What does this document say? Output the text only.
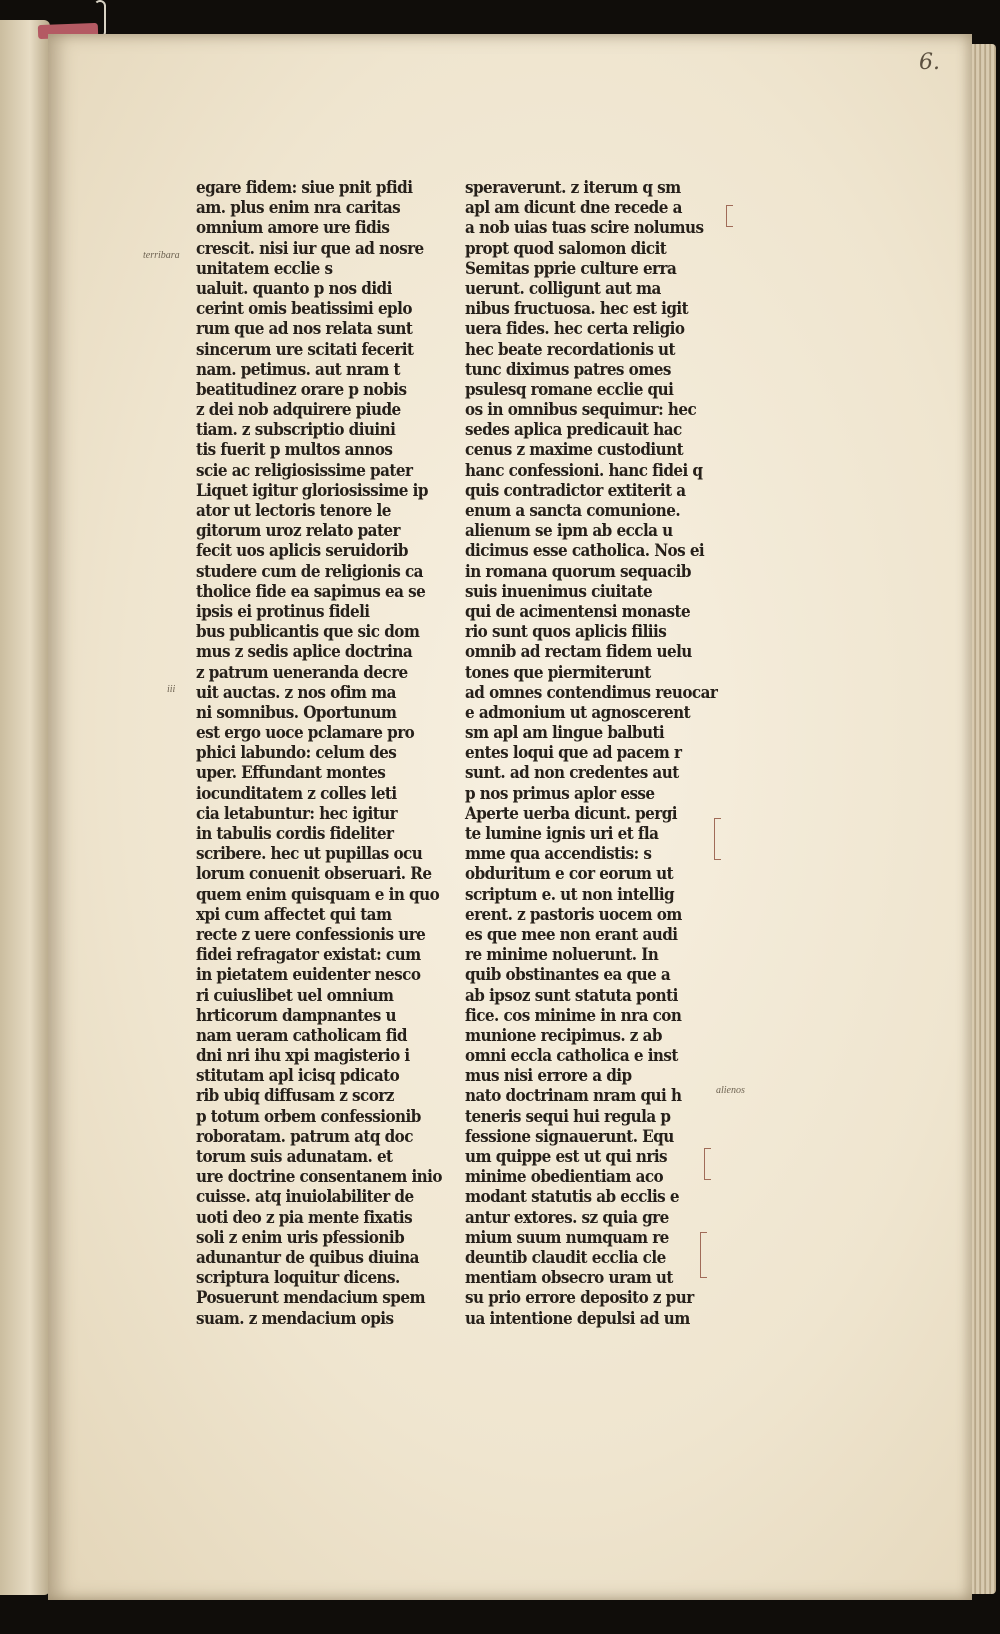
6.
terribara
iii
alienos
egare fidem: siue pnit pfidi
am. plus enim nra caritas
omnium amore ure fidis
crescit. nisi iur que ad nosre
unitatem ecclie s
ualuit. quanto p nos didi
cerint omis beatissimi eplo
rum que ad nos relata sunt
sincerum ure scitati fecerit
nam. petimus. aut nram t
beatitudinez orare p nobis
z dei nob adquirere piude
tiam. z subscriptio diuini
tis fuerit p multos annos
scie ac religiosissime pater
Liquet igitur gloriosissime ip
ator ut lectoris tenore le
gitorum uroz relato pater
fecit uos aplicis seruidorib
studere cum de religionis ca
tholice fide ea sapimus ea se
ipsis ei protinus fideli
bus publicantis que sic dom
mus z sedis aplice doctrina
z patrum ueneranda decre
uit auctas. z nos ofim ma
ni somnibus. Oportunum
est ergo uoce pclamare pro
phici labundo: celum des
uper. Effundant montes
iocunditatem z colles leti
cia letabuntur: hec igitur
in tabulis cordis fideliter
scribere. hec ut pupillas ocu
lorum conuenit obseruari. Re
quem enim quisquam e in quo
xpi cum affectet qui tam
recte z uere confessionis ure
fidei refragator existat: cum
in pietatem euidenter nesco
ri cuiuslibet uel omnium
hrticorum dampnantes u
nam ueram catholicam fid
dni nri ihu xpi magisterio i
stitutam apl icisq pdicato
rib ubiq diffusam z scorz
p totum orbem confessionib
roboratam. patrum atq doc
torum suis adunatam. et
ure doctrine consentanem inio
cuisse. atq inuiolabiliter de
uoti deo z pia mente fixatis
soli z enim uris pfessionib
adunantur de quibus diuina
scriptura loquitur dicens.
Posuerunt mendacium spem
suam. z mendacium opis
speraverunt. z iterum q sm
apl am dicunt dne recede a
a nob uias tuas scire nolumus
propt quod salomon dicit
Semitas pprie culture erra
uerunt. colligunt aut ma
nibus fructuosa. hec est igit
uera fides. hec certa religio
hec beate recordationis ut
tunc diximus patres omes
psulesq romane ecclie qui
os in omnibus sequimur: hec
sedes aplica predicauit hac
cenus z maxime custodiunt
hanc confessioni. hanc fidei q
quis contradictor extiterit a
enum a sancta comunione.
alienum se ipm ab eccla u
dicimus esse catholica. Nos ei
in romana quorum sequacib
suis inuenimus ciuitate
qui de acimentensi monaste
rio sunt quos aplicis filiis
omnib ad rectam fidem uelu
tones que piermiterunt
ad omnes contendimus reuocar
e admonium ut agnoscerent
sm apl am lingue balbuti
entes loqui que ad pacem r
sunt. ad non credentes aut
p nos primus aplor esse
Aperte uerba dicunt. pergi
te lumine ignis uri et fla
mme qua accendistis: s
obduritum e cor eorum ut
scriptum e. ut non intellig
erent. z pastoris uocem om
es que mee non erant audi
re minime noluerunt. In
quib obstinantes ea que a
ab ipsoz sunt statuta ponti
fice. cos minime in nra con
munione recipimus. z ab
omni eccla catholica e inst
mus nisi errore a dip
nato doctrinam nram qui h
teneris sequi hui regula p
fessione signauerunt. Equ
um quippe est ut qui nris
minime obedientiam aco
modant statutis ab ecclis e
antur extores. sz quia gre
mium suum numquam re
deuntib claudit ecclia cle
mentiam obsecro uram ut
su prio errore deposito z pur
ua intentione depulsi ad um
